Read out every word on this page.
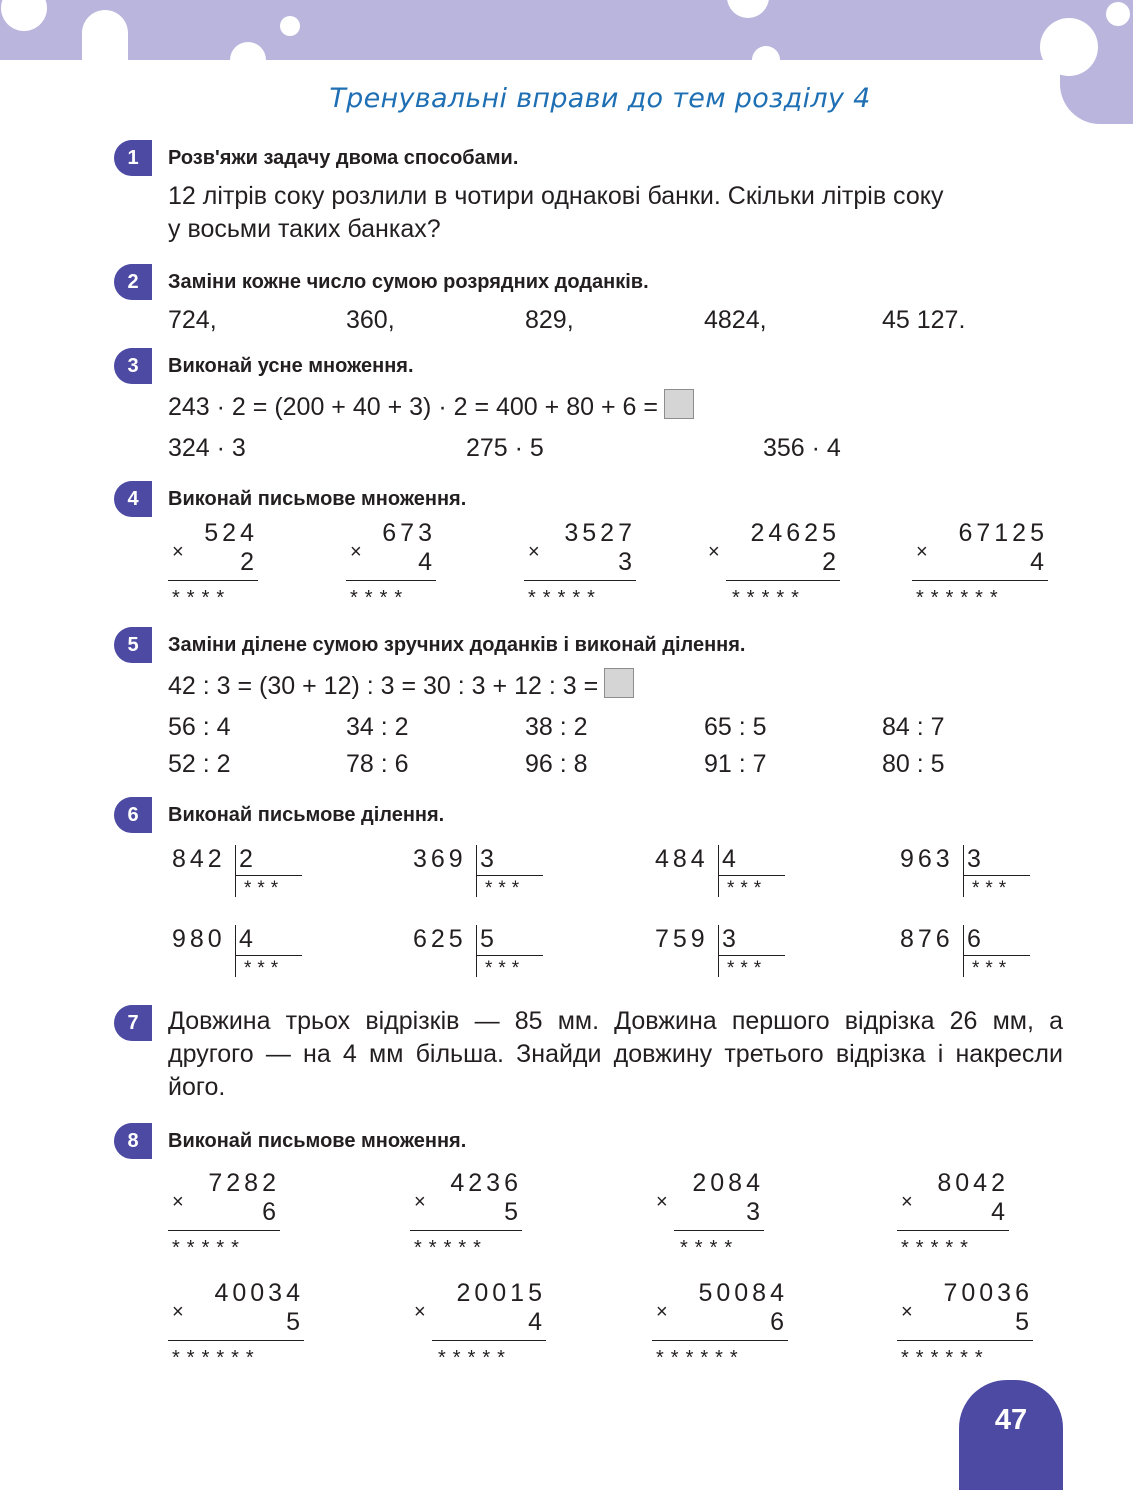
Тренувальні вправи до тем розділу 4
1	Розв'яжи задачу двома способами.
12 літрів соку розлили в чотири однакові банки. Скільки літрів соку
у восьми таких банках?
2	Заміни кожне число сумою розрядних доданків.
724,	360,	829,	4824,	45 127.
3	Виконай усне множення.
243 · 2 = (200 + 40 + 3) · 2 = 400 + 80 + 6 =
324 · 3	275 · 5	356 · 4
4	Виконай письмове множення.
×
524
2
****
×
673
4
****
×
3527
3
*****
×
24625
2
*****
×
67125
4
******
5	Заміни ділене сумою зручних доданків і виконай ділення.
42 : 3 = (30 + 12) : 3 = 30 : 3 + 12 : 3 =
56 : 4	34 : 2	38 : 2	65 : 5	84 : 7
52 : 2	78 : 6	96 : 8	91 : 7	80 : 5
6	Виконай письмове ділення.
842 2
***
369 3
***
484 4
***
963 3
***
980 4
***
625 5
***
759 3
***
876 6
***
7	Довжина трьох відрізків — 85 мм. Довжина першого відрізка 26 мм, а другого — на 4 мм більша. Знайди довжину третього відрізка і накресли його.
8	Виконай письмове множення.
×
7282
6
*****
×
4236
5
*****
×
2084
3
****
×
8042
4
*****
×
40034
5
******
×
20015
4
*****
×
50084
6
******
×
70036
5
******
47
